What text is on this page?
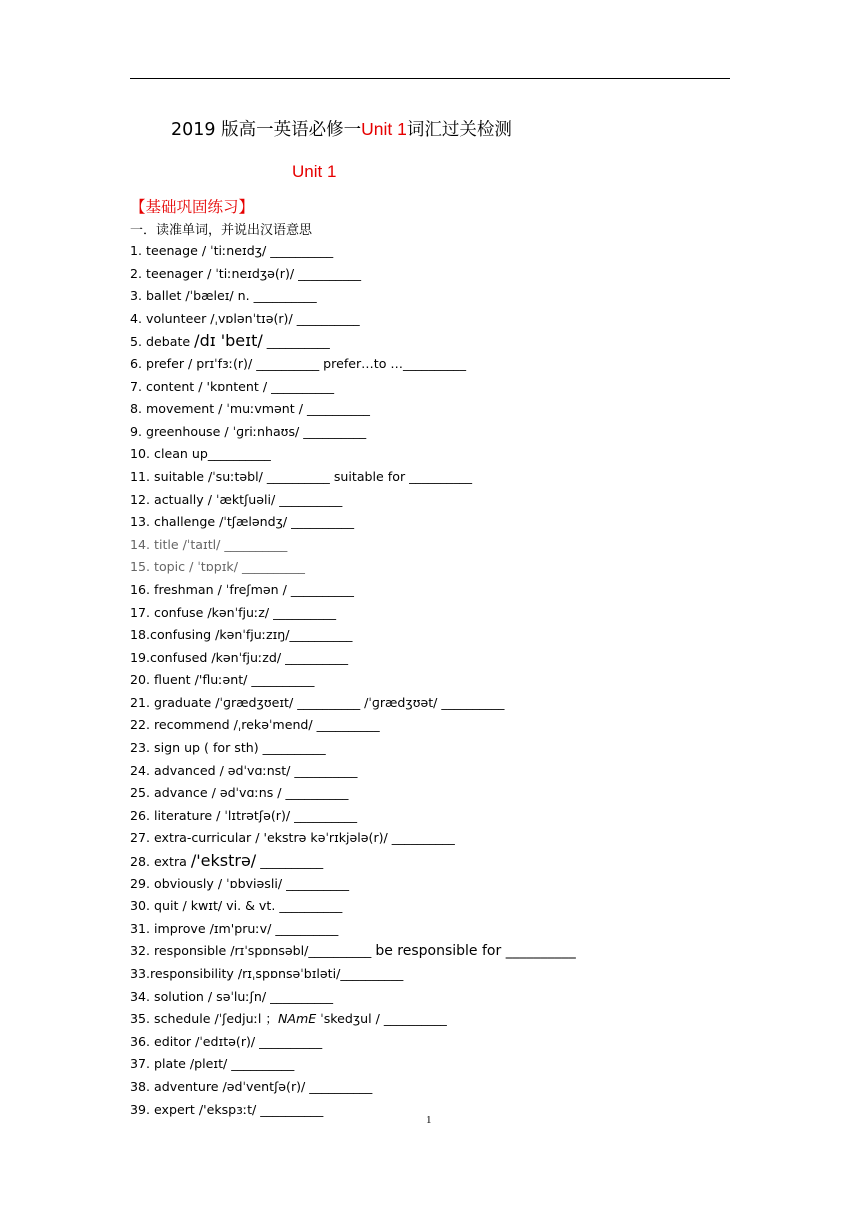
2019 版高一英语必修一Unit 1词汇过关检测
Unit 1
【基础巩固练习】
一．读准单词，并说出汉语意思
1. teenage / ˈtiːneɪdʒ/ __________
2. teenager / ˈtiːneɪdʒə(r)/ __________
3. ballet /ˈbæleɪ/ n. __________
4. volunteer /ˌvɒlənˈtɪə(r)/ __________
5. debate /dɪ 'beɪt/ __________
6. prefer / prɪˈfɜː(r)/ __________ prefer…to …__________
7. content / 'kɒntent / __________
8. movement / ˈmuːvmənt / __________
9. greenhouse / ˈɡriːnhaʊs/ __________
10. clean up__________
11. suitable /ˈsuːtəbl/ __________ suitable for __________
12. actually / ˈæktʃuəli/ __________
13. challenge /ˈtʃæləndʒ/ __________
14. title /ˈtaɪtl/ __________
15. topic / ˈtɒpɪk/ __________
16. freshman / ˈfreʃmən / __________
17. confuse /kənˈfjuːz/ __________
18.confusing /kənˈfjuːzɪŋ/__________
19.confused /kənˈfjuːzd/ __________
20. fluent /'fluːənt/ __________
21. graduate /ˈɡrædʒʊeɪt/ __________ /ˈɡrædʒʊət/ __________
22. recommend /ˌrekəˈmend/ __________
23. sign up ( for sth) __________
24. advanced / ədˈvɑːnst/ __________
25. advance / ədˈvɑːns / __________
26. literature / ˈlɪtrətʃə(r)/ __________
27. extra-curricular / 'ekstrə kəˈrɪkjələ(r)/ __________
28. extra /'ekstrə/ __________
29. obviously / ˈɒbviəsli/ __________
30. quit / kwɪt/ vi. & vt. __________
31. improve /ɪm'pruːv/ __________
32. responsible /rɪˈspɒnsəbl/__________ be responsible for __________
33.responsibility /rɪˌspɒnsəˈbɪləti/__________
34. solution / səˈluːʃn/ __________
35. schedule /ˈʃedjuːl ；NAmE ˈskedʒul / __________
36. editor /ˈedɪtə(r)/ __________
37. plate /pleɪt/ __________
38. adventure /ədˈventʃə(r)/ __________
39. expert /'ekspɜːt/ __________
1
